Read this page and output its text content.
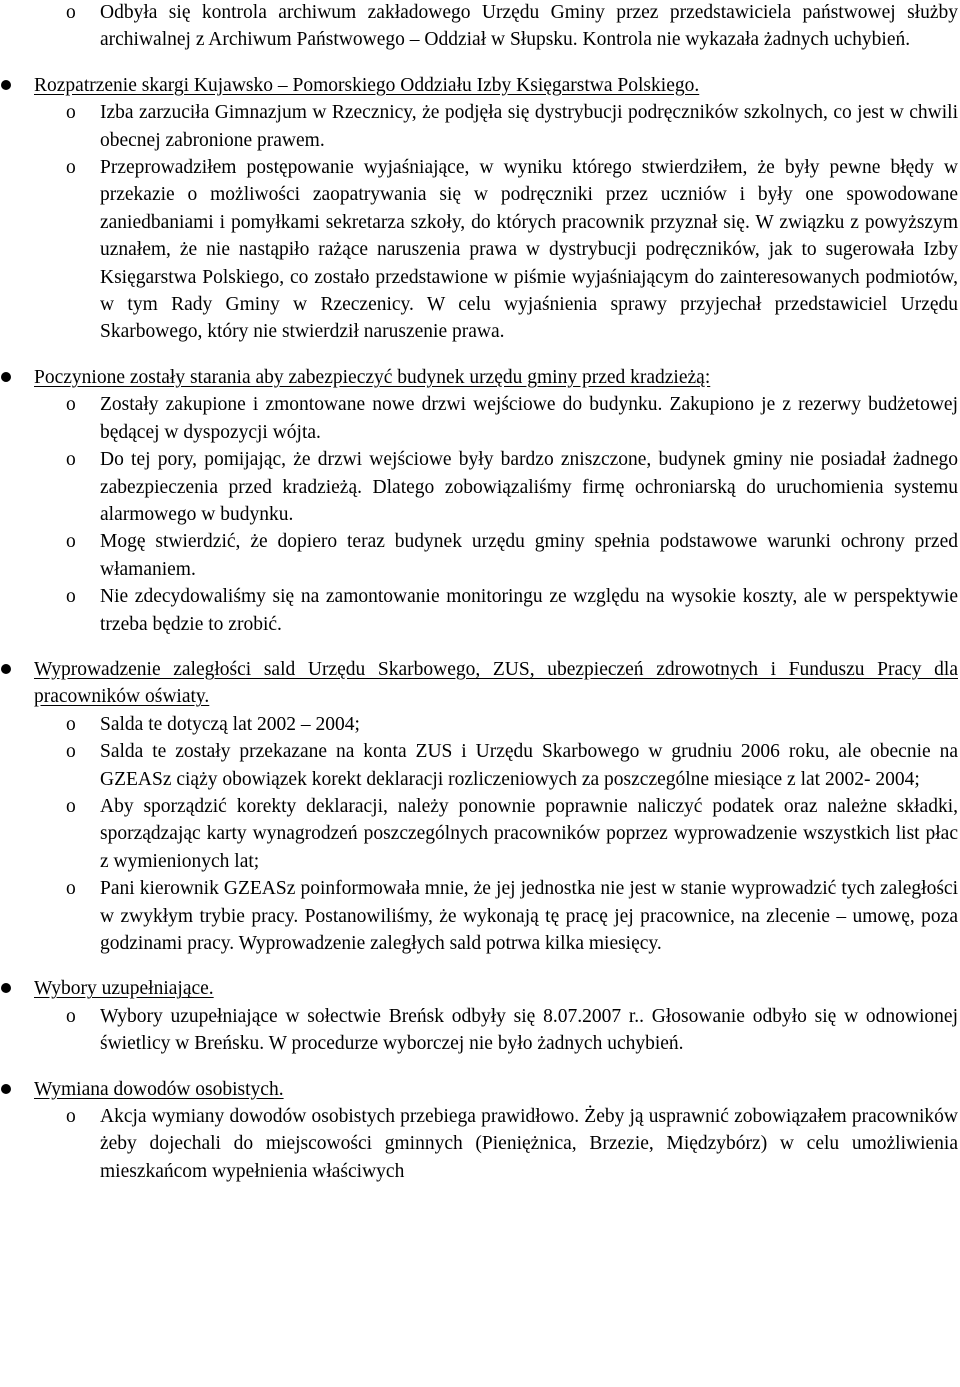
o Odbyła się kontrola archiwum zakładowego Urzędu Gminy przez przedstawiciela państwowej służby archiwalnej z Archiwum Państwowego – Oddział w Słupsku. Kontrola nie wykazała żadnych uchybień.
Rozpatrzenie skargi Kujawsko – Pomorskiego Oddziału Izby Księgarstwa Polskiego.
o Izba zarzuciła Gimnazjum w Rzecznicy, że podjęła się dystrybucji podręczników szkolnych, co jest w chwili obecnej zabronione prawem.
o Przeprowadziłem postępowanie wyjaśniające, w wyniku którego stwierdziłem, że były pewne błędy w przekazie o możliwości zaopatrywania się w podręczniki przez uczniów i były one spowodowane zaniedbaniami i pomyłkami sekretarza szkoły, do których pracownik przyznał się. W związku z powyższym uznałem, że nie nastąpiło rażące naruszenia prawa w dystrybucji podręczników, jak to sugerowała Izby Księgarstwa Polskiego, co zostało przedstawione w piśmie wyjaśniającym do zainteresowanych podmiotów, w tym Rady Gminy w Rzeczenicy. W celu wyjaśnienia sprawy przyjechał przedstawiciel Urzędu Skarbowego, który nie stwierdził naruszenie prawa.
Poczynione zostały starania aby zabezpieczyć budynek urzędu gminy przed kradzieżą:
o Zostały zakupione i zmontowane nowe drzwi wejściowe do budynku. Zakupiono je z rezerwy budżetowej będącej w dyspozycji wójta.
o Do tej pory, pomijając, że drzwi wejściowe były bardzo zniszczone, budynek gminy nie posiadał żadnego zabezpieczenia przed kradzieżą. Dlatego zobowiązaliśmy firmę ochroniarską do uruchomienia systemu alarmowego w budynku.
o Mogę stwierdzić, że dopiero teraz budynek urzędu gminy spełnia podstawowe warunki ochrony przed włamaniem.
o Nie zdecydowaliśmy się na zamontowanie monitoringu ze względu na wysokie koszty, ale w perspektywie trzeba będzie to zrobić.
Wyprowadzenie zaległości sald Urzędu Skarbowego, ZUS, ubezpieczeń zdrowotnych i Funduszu Pracy dla pracowników oświaty.
o Salda te dotyczą lat 2002 – 2004;
o Salda te zostały przekazane na konta ZUS i Urzędu Skarbowego w grudniu 2006 roku, ale obecnie na GZEASz ciąży obowiązek korekt deklaracji rozliczeniowych za poszczególne miesiące z lat 2002- 2004;
o Aby sporządzić korekty deklaracji, należy ponownie poprawnie naliczyć podatek oraz należne składki, sporządzając karty wynagrodzeń poszczególnych pracowników poprzez wyprowadzenie wszystkich list płac z wymienionych lat;
o Pani kierownik GZEASz poinformowała mnie, że jej jednostka nie jest w stanie wyprowadzić tych zaległości w zwykłym trybie pracy. Postanowiliśmy, że wykonają tę pracę jej pracownice, na zlecenie – umowę, poza godzinami pracy. Wyprowadzenie zaległych sald potrwa kilka miesięcy.
Wybory uzupełniające.
o Wybory uzupełniające w sołectwie Breńsk odbyły się 8.07.2007 r.. Głosowanie odbyło się w odnowionej świetlicy w Breńsku. W procedurze wyborczej nie było żadnych uchybień.
Wymiana dowodów osobistych.
o Akcja wymiany dowodów osobistych przebiega prawidłowo. Żeby ją usprawnić zobowiązałem pracowników żeby dojechali do miejscowości gminnych (Pieniężnica, Brzezie, Międzybórz) w celu umożliwienia mieszkańcom wypełnienia właściwych
